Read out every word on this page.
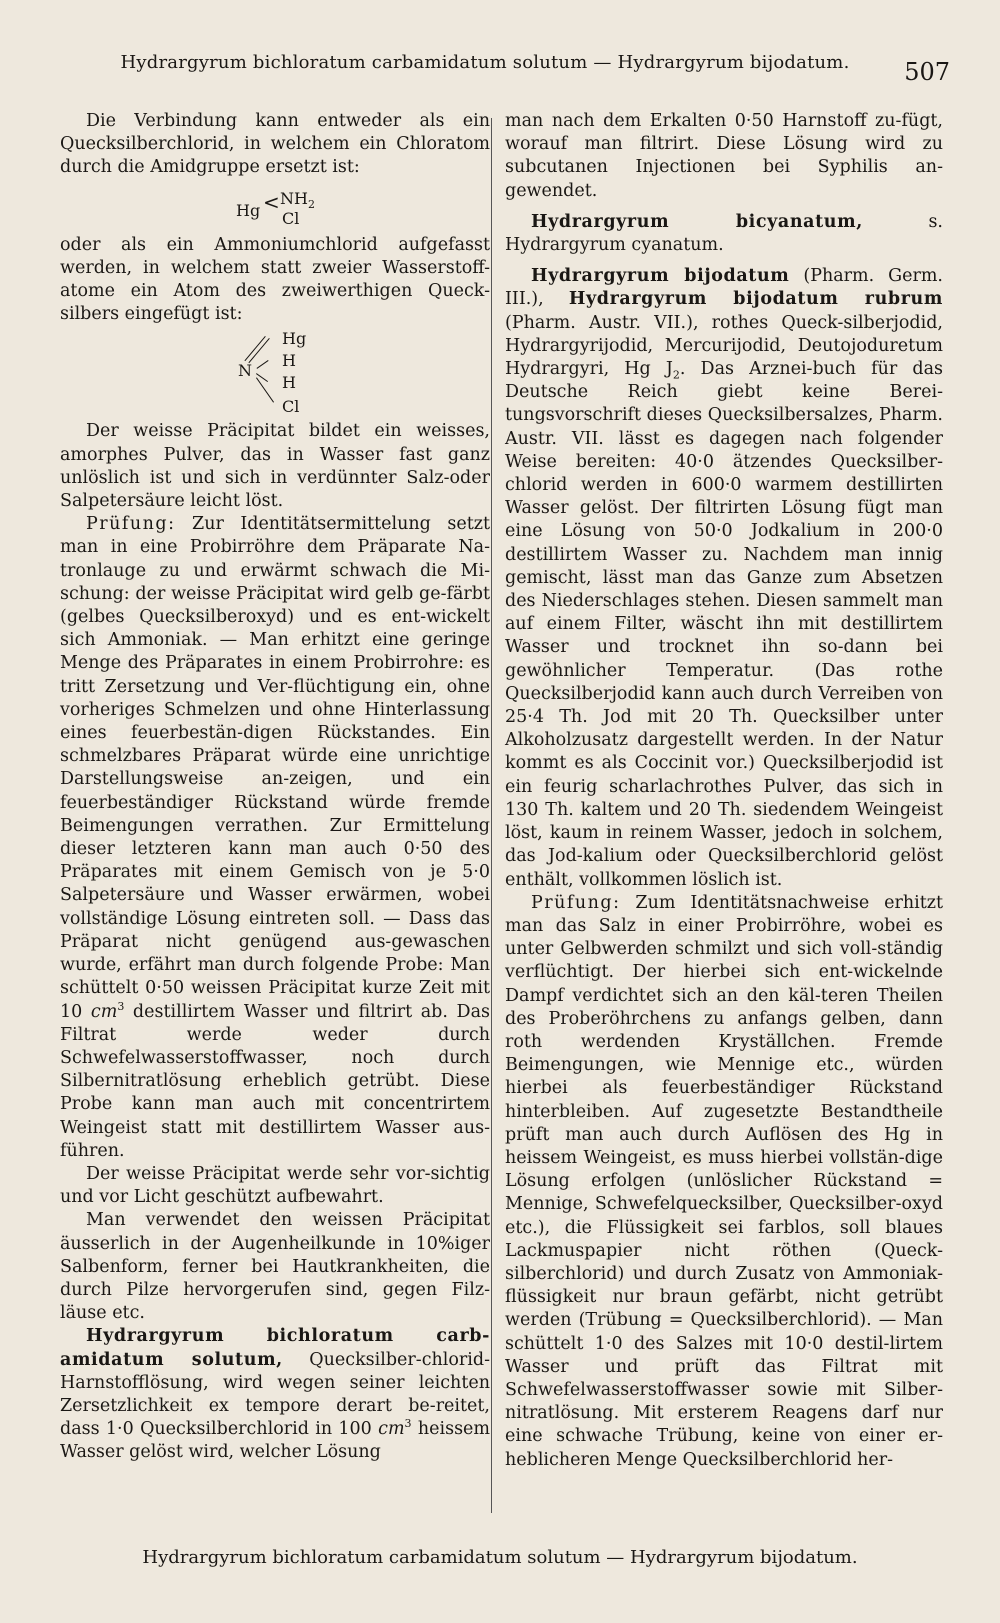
Hydrargyrum bichloratum carbamidatum solutum — Hydrargyrum bijodatum. 507

Die Verbindung kann entweder als ein Quecksilberchlorid, in welchem ein Chloratom durch die Amidgruppe ersetzt ist:

$Hg < NH_2$
Cl

oder als ein Ammoniumchlorid aufgefasst werden, in welchem statt zweier Wasserstoff-atome ein Atom des zweiwerthigen Queck-silbers eingefügt ist:

N
Hg
H
H
Cl

Der weisse Präcipitat bildet ein weisses, amorphes Pulver, das in Wasser fast ganz unlöslich ist und sich in verdünnter Salz-oder Salpetersäure leicht löst.

Prüfung: Zur Identitätsermittelung setzt man in eine Probirröhre dem Präparate Na-tronlauge zu und erwärmt schwach die Mi-schung: der weisse Präcipitat wird gelb ge-färbt (gelbes Quecksilberoxyd) und es ent-wickelt sich Ammoniak. — Man erhitzt eine geringe Menge des Präparates in einem Probirrohre: es tritt Zersetzung und Ver-flüchtigung ein, ohne vorheriges Schmelzen und ohne Hinterlassung eines feuerbestän-digen Rückstandes. Ein schmelzbares Präparat würde eine unrichtige Darstellungsweise an-zeigen, und ein feuerbeständiger Rückstand würde fremde Beimengungen verrathen. Zur Ermittelung dieser letzteren kann man auch 0·50 des Präparates mit einem Gemisch von je 5·0 Salpetersäure und Wasser erwärmen, wobei vollständige Lösung eintreten soll. — Dass das Präparat nicht genügend aus-gewaschen wurde, erfährt man durch folgende Probe: Man schüttelt 0·50 weissen Präcipitat kurze Zeit mit 10 $cm^3$ destillirtem Wasser und filtrirt ab. Das Filtrat werde weder durch Schwefelwasserstoffwasser, noch durch Silbernitratlösung erheblich getrübt. Diese Probe kann man auch mit concentrirtem Weingeist statt mit destillirtem Wasser aus-führen.

Der weisse Präcipitat werde sehr vor-sichtig und vor Licht geschützt aufbewahrt.

Man verwendet den weissen Präcipitat äusserlich in der Augenheilkunde in 10%iger Salbenform, ferner bei Hautkrankheiten, die durch Pilze hervorgerufen sind, gegen Filz-läuse etc.

Hydrargyrum bichloratum carb-amidatum solutum, Quecksilber-chlorid-Harnstofflösung, wird wegen seiner leichten Zersetzlichkeit ex tempore derart be-reitet, dass 1·0 Quecksilberchlorid in 100 $cm^3$ heissem Wasser gelöst wird, welcher Lösung

man nach dem Erkalten 0·50 Harnstoff zu-fügt, worauf man filtrirt. Diese Lösung wird zu subcutanen Injectionen bei Syphilis an-gewendet.

Hydrargyrum bicyanatum, s. Hydrargyrum cyanatum.

Hydrargyrum bijodatum (Pharm. Germ. III.), Hydrargyrum bijodatum rubrum (Pharm. Austr. VII.), rothes Queck-silberjodid, Hydrargyrijodid, Mercurijodid, Deutojoduretum Hydrargyri, Hg $J_2$. Das Arznei-buch für das Deutsche Reich giebt keine Berei-tungsvorschrift dieses Quecksilbersalzes, Pharm. Austr. VII. lässt es dagegen nach folgender Weise bereiten: 40·0 ätzendes Quecksilber-chlorid werden in 600·0 warmem destillirten Wasser gelöst. Der filtrirten Lösung fügt man eine Lösung von 50·0 Jodkalium in 200·0 destillirtem Wasser zu. Nachdem man innig gemischt, lässt man das Ganze zum Absetzen des Niederschlages stehen. Diesen sammelt man auf einem Filter, wäscht ihn mit destillirtem Wasser und trocknet ihn so-dann bei gewöhnlicher Temperatur. (Das rothe Quecksilberjodid kann auch durch Verreiben von 25·4 Th. Jod mit 20 Th. Quecksilber unter Alkoholzusatz dargestellt werden. In der Natur kommt es als Coccinit vor.) Quecksilberjodid ist ein feurig scharlachrothes Pulver, das sich in 130 Th. kaltem und 20 Th. siedendem Weingeist löst, kaum in reinem Wasser, jedoch in solchem, das Jod-kalium oder Quecksilberchlorid gelöst enthält, vollkommen löslich ist.

Prüfung: Zum Identitätsnachweise erhitzt man das Salz in einer Probirröhre, wobei es unter Gelbwerden schmilzt und sich voll-ständig verflüchtigt. Der hierbei sich ent-wickelnde Dampf verdichtet sich an den käl-teren Theilen des Proberöhrchens zu anfangs gelben, dann roth werdenden Kryställchen. Fremde Beimengungen, wie Mennige etc., würden hierbei als feuerbeständiger Rückstand hinterbleiben. Auf zugesetzte Bestandtheile prüft man auch durch Auflösen des Hg in heissem Weingeist, es muss hierbei vollstän-dige Lösung erfolgen (unlöslicher Rückstand = Mennige, Schwefelquecksilber, Quecksilber-oxyd etc.), die Flüssigkeit sei farblos, soll blaues Lackmuspapier nicht röthen (Queck-silberchlorid) und durch Zusatz von Ammoniak-flüssigkeit nur braun gefärbt, nicht getrübt werden (Trübung = Quecksilberchlorid). — Man schüttelt 1·0 des Salzes mit 10·0 destil-lirtem Wasser und prüft das Filtrat mit Schwefelwasserstoffwasser sowie mit Silber-nitratlösung. Mit ersterem Reagens darf nur eine schwache Trübung, keine von einer er-heblicheren Menge Quecksilberchlorid her-

Hydrargyrum bichloratum carbamidatum solutum — Hydrargyrum bijodatum.
